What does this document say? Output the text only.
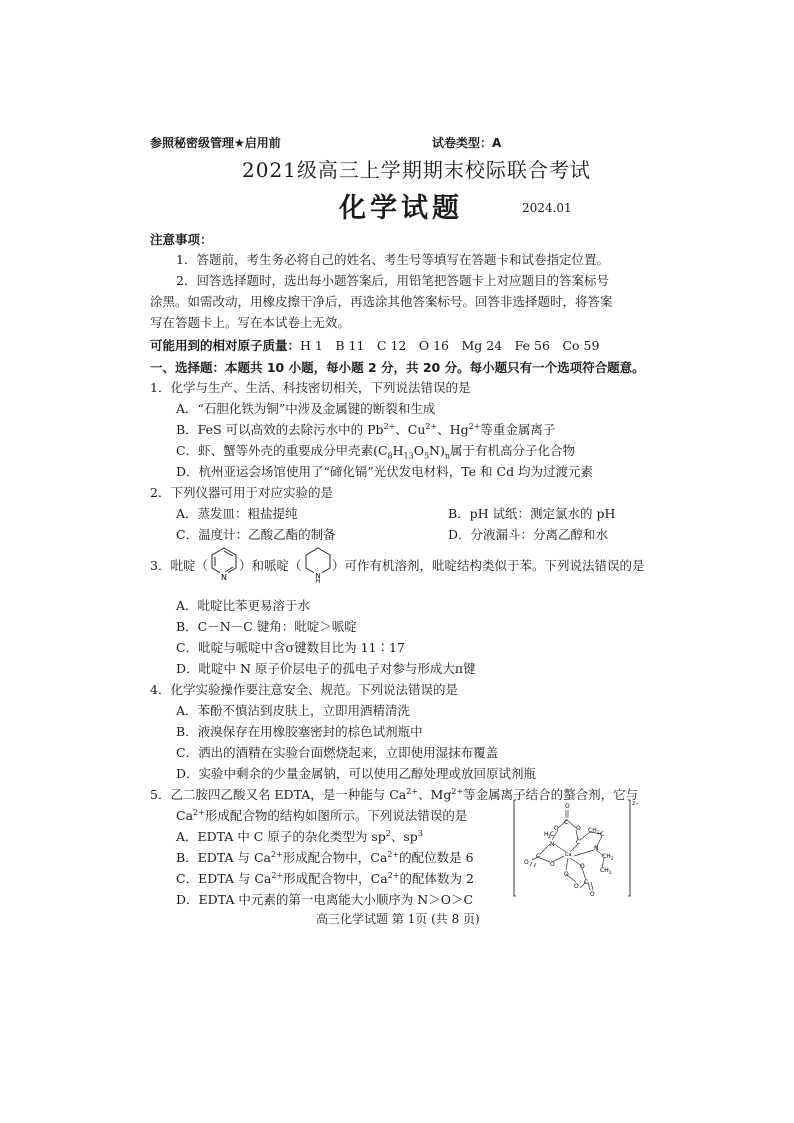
参照秘密级管理★启用前	试卷类型：A
2021级高三上学期期末校际联合考试
化学试题	2024.01
注意事项：
1．答题前，考生务必将自己的姓名、考生号等填写在答题卡和试卷指定位置。
2．回答选择题时，选出每小题答案后，用铅笔把答题卡上对应题目的答案标号
涂黑。如需改动，用橡皮擦干净后，再选涂其他答案标号。回答非选择题时，将答案
写在答题卡上。写在本试卷上无效。
可能用到的相对原子质量：H 1　B 11　C 12　O 16　Mg 24　Fe 56　Co 59
一、选择题：本题共 10 小题，每小题 2 分，共 20 分。每小题只有一个选项符合题意。
1．化学与生产、生活、科技密切相关，下列说法错误的是
A．“石胆化铁为铜”中涉及金属键的断裂和生成
B．FeS 可以高效的去除污水中的 $Pb^{2+}$、$Cu^{2+}$、$Hg^{2+}$等重金属离子
C．虾、蟹等外壳的重要成分甲壳素$(C_8H_{13}O_5N)_n$属于有机高分子化合物
D．杭州亚运会场馆使用了“碲化镉”光伏发电材料，Te 和 Cd 均为过渡元素
2．下列仪器可用于对应实验的是
A．蒸发皿：粗盐提纯	B．pH 试纸：测定氯水的 pH
C．温度计：乙酸乙酯的制备	D．分液漏斗：分离乙醇和水
3．吡啶（
N
）和哌啶（
N
H
）可作有机溶剂，吡啶结构类似于苯。下列说法错误的是
A．吡啶比苯更易溶于水
B．C－N－C 键角：吡啶＞哌啶
C．吡啶与哌啶中含σ键数目比为 11∶17
D．吡啶中 N 原子价层电子的孤电子对参与形成大π键
4．化学实验操作要注意安全、规范。下列说法错误的是
A．苯酚不慎沾到皮肤上，立即用酒精清洗
B．液溴保存在用橡胶塞密封的棕色试剂瓶中
C．洒出的酒精在实验台面燃烧起来，立即使用湿抹布覆盖
D．实验中剩余的少量金属钠，可以使用乙醇处理或放回原试剂瓶
5．乙二胺四乙酸又名 EDTA，是一种能与 $Ca^{2+}$、$Mg^{2+}$等金属离子结合的螯合剂，它与
$Ca^{2+}$形成配合物的结构如图所示。下列说法错误的是
A．EDTA 中 C 原子的杂化类型为 $sp^2$、$sp^3$
B．EDTA 与 $Ca^{2+}$形成配合物中，$Ca^{2+}$的配位数是 6
C．EDTA 与 $Ca^{2+}$形成配合物中，$Ca^{2+}$的配体数为 2
D．EDTA 中元素的第一电离能大小顺序为 N＞O＞C
2−
O
C
O	O
H 2 C
N	C
CH 2 C
Ca
N
CH 2
CH 2
C
O	O
O
O
O
C
O
高三化学试题 第 1页 (共 8 页)
